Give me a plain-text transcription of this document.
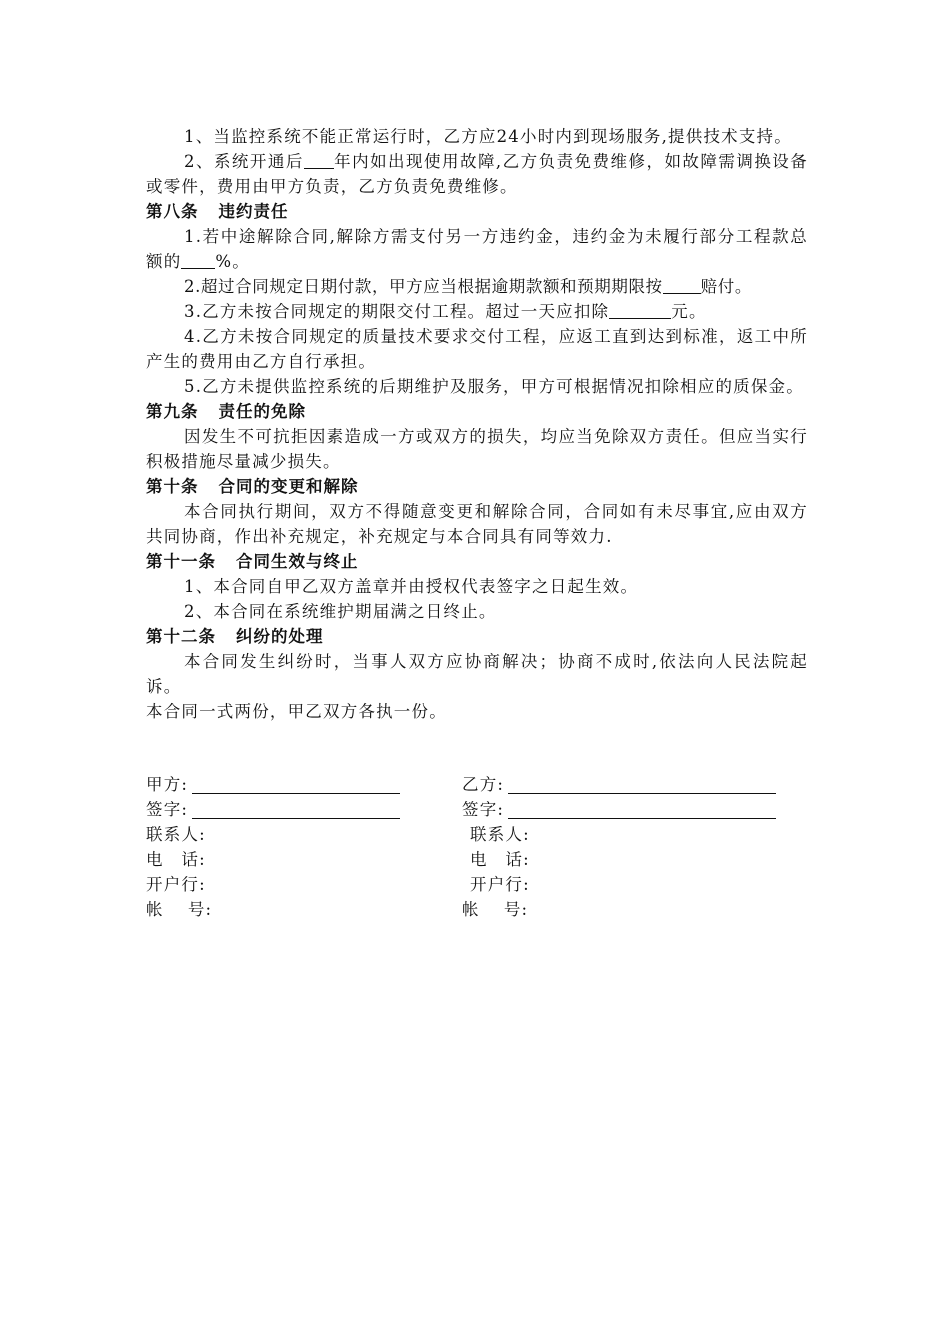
1、当监控系统不能正常运行时，乙方应24小时内到现场服务,提供技术支持。

2、系统开通后 年内如出现使用故障,乙方负责免费维修，如故障需调换设备或零件，费用由甲方负责，乙方负责免费维修。

第八条 违约责任

1.若中途解除合同,解除方需支付另一方违约金，违约金为未履行部分工程款总额的 %。

2.超过合同规定日期付款，甲方应当根据逾期款额和预期期限按 赔付。

3.乙方未按合同规定的期限交付工程。超过一天应扣除	元。

4.乙方未按合同规定的质量技术要求交付工程，应返工直到达到标准，返工中所产生的费用由乙方自行承担。

5.乙方未提供监控系统的后期维护及服务，甲方可根据情况扣除相应的质保金。

第九条 责任的免除

因发生不可抗拒因素造成一方或双方的损失，均应当免除双方责任。但应当实行积极措施尽量减少损失。

第十条 合同的变更和解除

本合同执行期间，双方不得随意变更和解除合同，合同如有未尽事宜,应由双方共同协商，作出补充规定，补充规定与本合同具有同等效力.

第十一条 合同生效与终止

1、本合同自甲乙双方盖章并由授权代表签字之日起生效。

2、本合同在系统维护期届满之日终止。

第十二条 纠纷的处理

本合同发生纠纷时，当事人双方应协商解决；协商不成时,依法向人民法院起诉。

本合同一式两份，甲乙双方各执一份。

甲方:	乙方:
签字:	签字:
联系人:	联系人:
电　话:	电　话:
开户行:	开户行:
帐　 号:	帐　 号:
